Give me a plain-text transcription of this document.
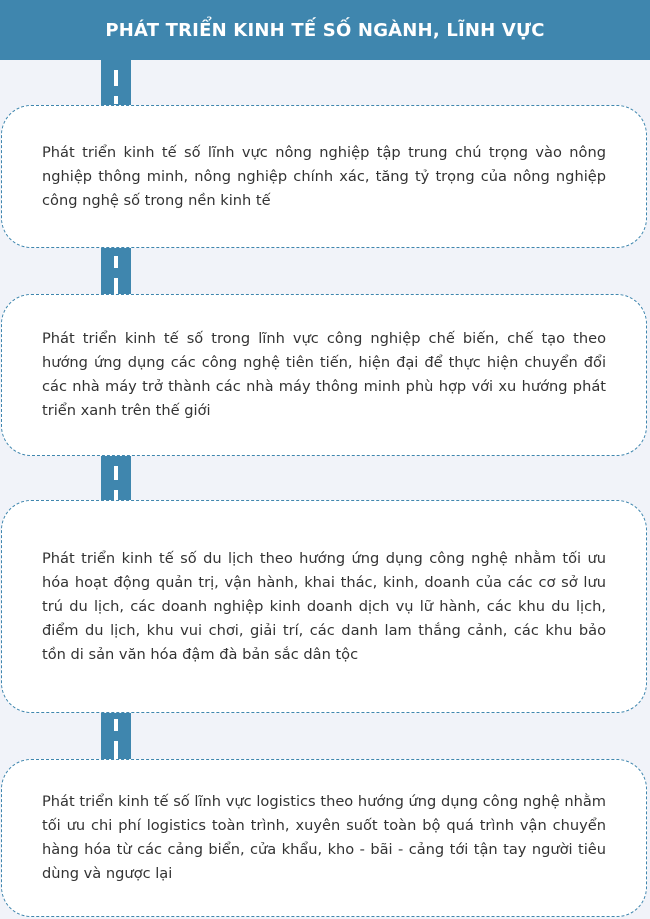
PHÁT TRIỂN KINH TẾ SỐ NGÀNH, LĨNH VỰC

Phát triển kinh tế số lĩnh vực nông nghiệp tập trung chú trọng vào nông nghiệp thông minh, nông nghiệp chính xác, tăng tỷ trọng của nông nghiệp công nghệ số trong nền kinh tế

Phát triển kinh tế số trong lĩnh vực công nghiệp chế biến, chế tạo theo hướng ứng dụng các công nghệ tiên tiến, hiện đại để thực hiện chuyển đổi các nhà máy trở thành các nhà máy thông minh phù hợp với xu hướng phát triển xanh trên thế giới

Phát triển kinh tế số du lịch theo hướng ứng dụng công nghệ nhằm tối ưu hóa hoạt động quản trị, vận hành, khai thác, kinh, doanh của các cơ sở lưu trú du lịch, các doanh nghiệp kinh doanh dịch vụ lữ hành, các khu du lịch, điểm du lịch, khu vui chơi, giải trí, các danh lam thắng cảnh, các khu bảo tồn di sản văn hóa đậm đà bản sắc dân tộc

Phát triển kinh tế số lĩnh vực logistics theo hướng ứng dụng công nghệ nhằm tối ưu chi phí logistics toàn trình, xuyên suốt toàn bộ quá trình vận chuyển hàng hóa từ các cảng biển, cửa khẩu, kho - bãi - cảng tới tận tay người tiêu dùng và ngược lại
